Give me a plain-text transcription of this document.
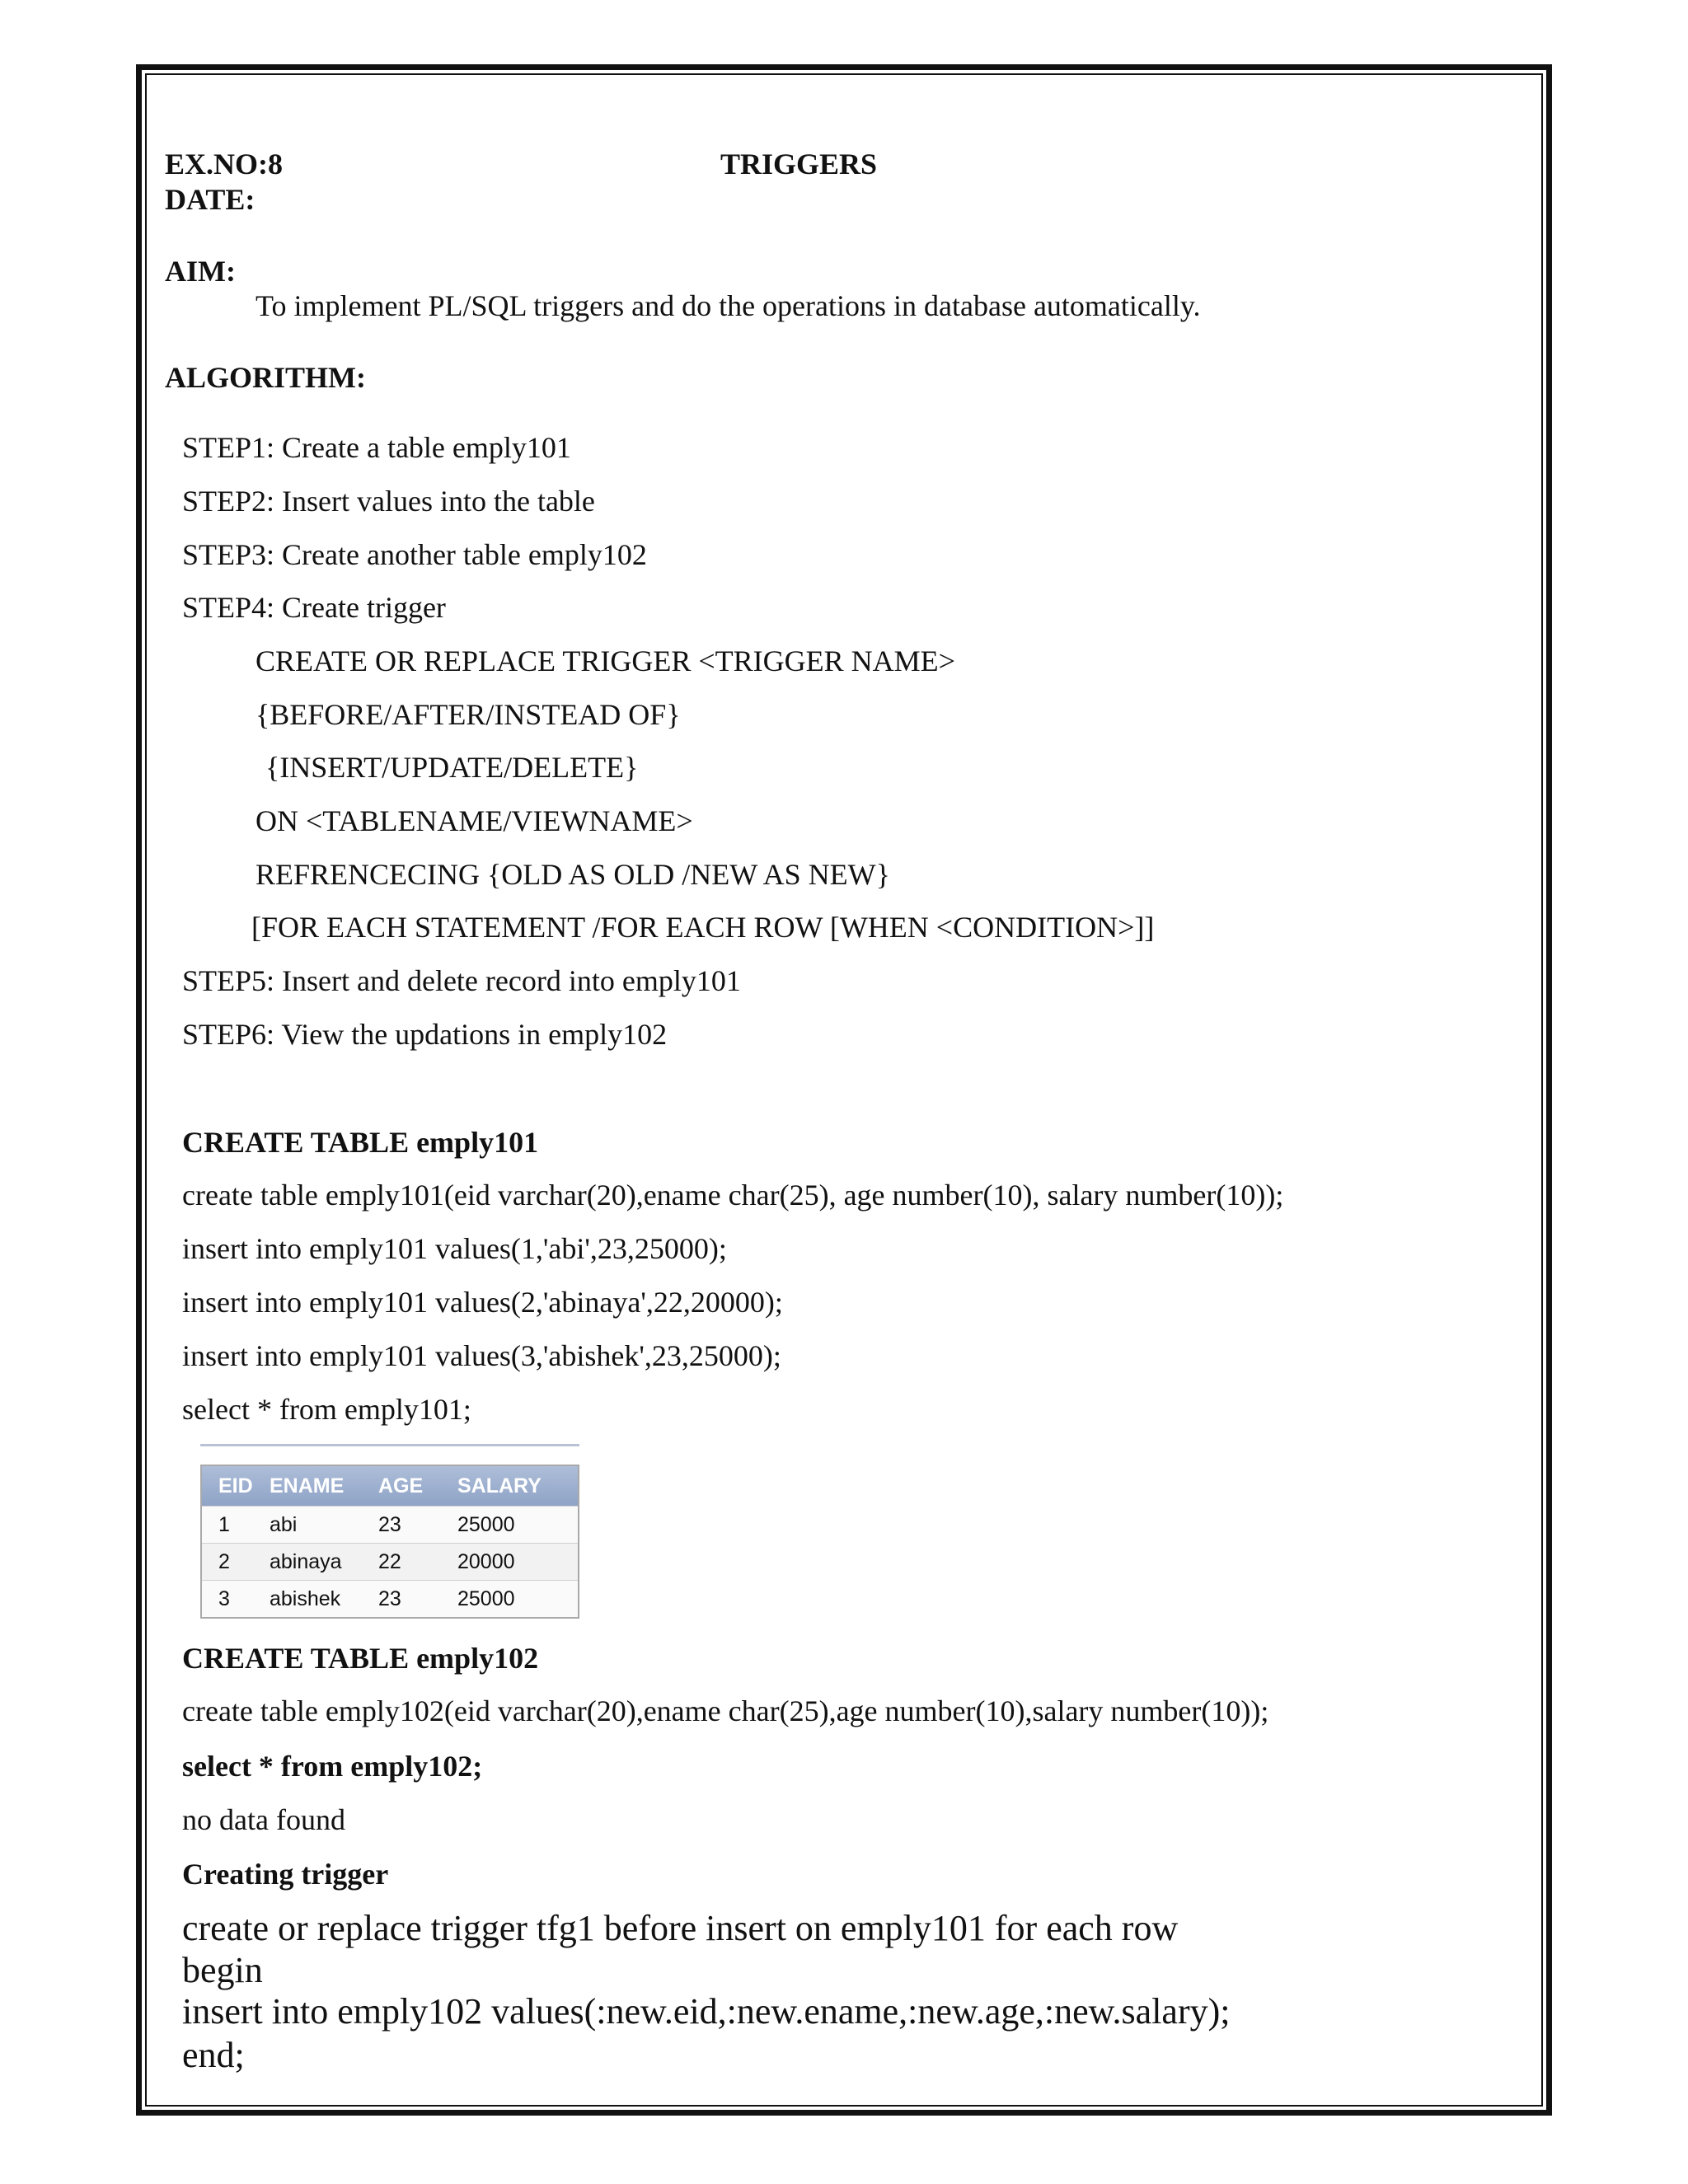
EX.NO:8	TRIGGERS
DATE:
AIM:
To implement PL/SQL triggers and do the operations in database automatically.
ALGORITHM:
STEP1: Create a table emply101
STEP2: Insert values into the table
STEP3: Create another table emply102
STEP4: Create trigger
CREATE OR REPLACE TRIGGER <TRIGGER NAME>
{BEFORE/AFTER/INSTEAD OF}
{INSERT/UPDATE/DELETE}
ON <TABLENAME/VIEWNAME>
REFRENCECING {OLD AS OLD /NEW AS NEW}
[FOR EACH STATEMENT /FOR EACH ROW [WHEN <CONDITION>]]
STEP5: Insert and delete record into emply101
STEP6: View the updations in emply102
CREATE TABLE emply101
create table emply101(eid varchar(20),ename char(25), age number(10), salary number(10));
insert into emply101 values(1,'abi',23,25000);
insert into emply101 values(2,'abinaya',22,20000);
insert into emply101 values(3,'abishek',23,25000);
select * from emply101;
EID ENAME	AGE	SALARY
1	abi	23	25000
2	abinaya	22	20000
3	abishek	23	25000
CREATE TABLE emply102
create table emply102(eid varchar(20),ename char(25),age number(10),salary number(10));
select * from emply102;
no data found
Creating trigger
create or replace trigger tfg1 before insert on emply101 for each row
begin
insert into emply102 values(:new.eid,:new.ename,:new.age,:new.salary);
end;
